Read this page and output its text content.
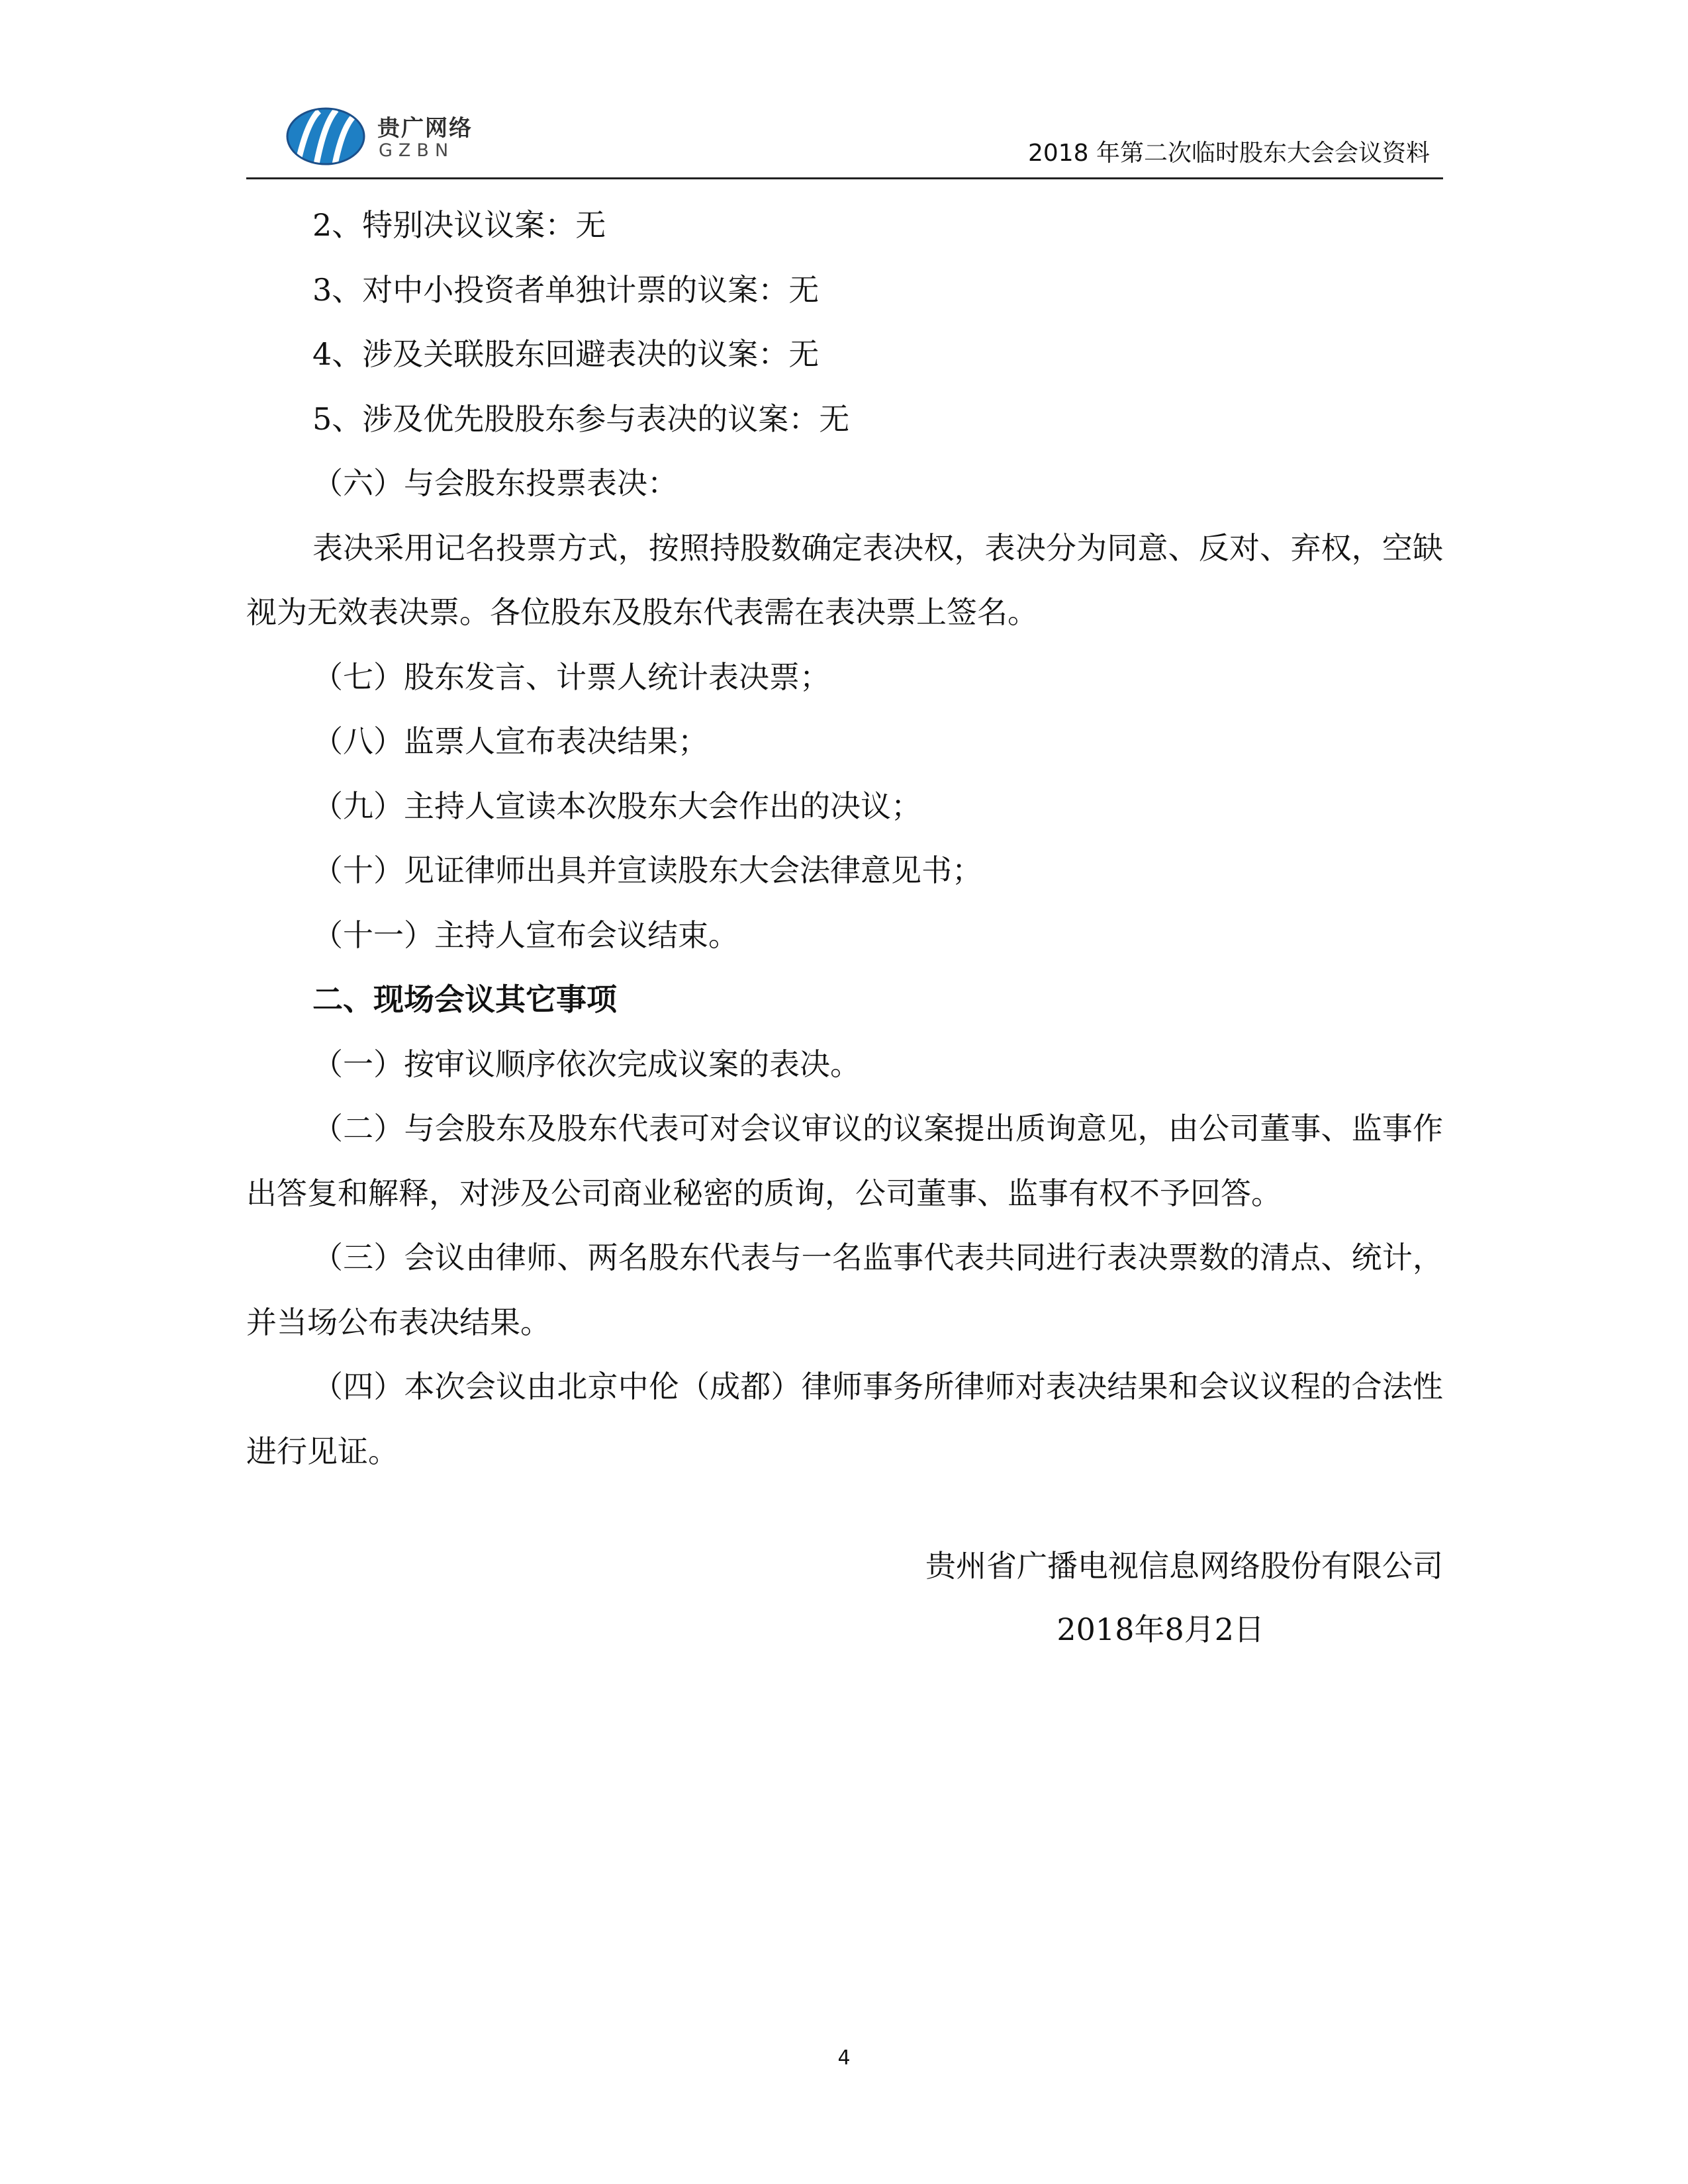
贵广网络
GZBN	2018 年第二次临时股东大会会议资料

2、特别决议议案：无

3、对中小投资者单独计票的议案：无

4、涉及关联股东回避表决的议案：无

5、涉及优先股股东参与表决的议案：无

（六）与会股东投票表决：

表决采用记名投票方式，按照持股数确定表决权，表决分为同意、反对、弃权，空缺视为无效表决票。各位股东及股东代表需在表决票上签名。

（七）股东发言、计票人统计表决票；

（八）监票人宣布表决结果；

（九）主持人宣读本次股东大会作出的决议；

（十）见证律师出具并宣读股东大会法律意见书；

（十一）主持人宣布会议结束。

二、现场会议其它事项

（一）按审议顺序依次完成议案的表决。

（二）与会股东及股东代表可对会议审议的议案提出质询意见，由公司董事、监事作出答复和解释，对涉及公司商业秘密的质询，公司董事、监事有权不予回答。

（三）会议由律师、两名股东代表与一名监事代表共同进行表决票数的清点、统计，并当场公布表决结果。

（四）本次会议由北京中伦（成都）律师事务所律师对表决结果和会议议程的合法性进行见证。

贵州省广播电视信息网络股份有限公司
2018年8月2日
4
